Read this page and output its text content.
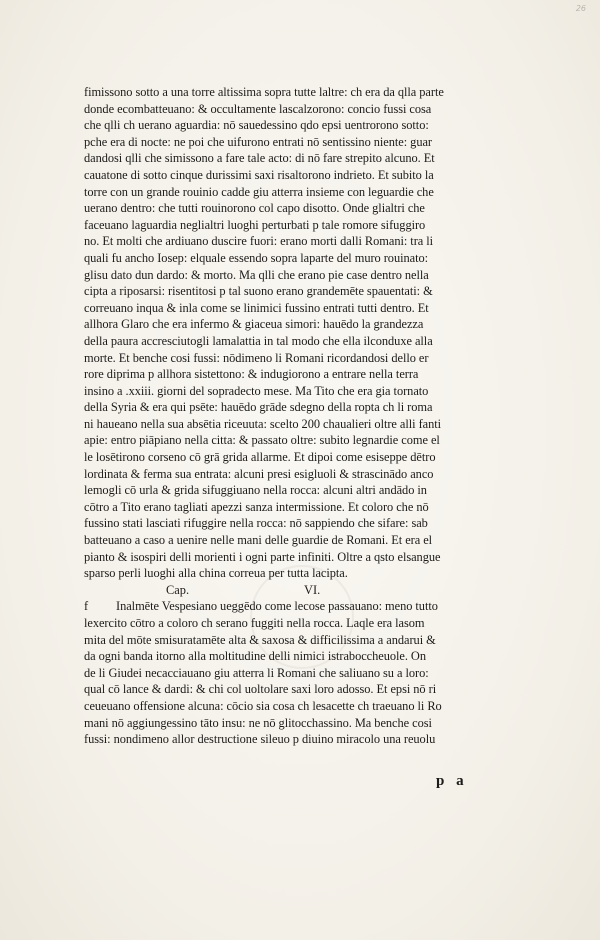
26
fimissono sotto a una torre altissima sopra tutte laltre: ch era da qlla parte
donde ecombatteuano: & occultamente lascalzorono: concio fussi cosa
che qlli ch uerano aguardia: nō sauedessino qdo epsi uentrorono sotto:
pche era di nocte: ne poi che uifurono entrati nō sentissino niente: guar
dandosi qlli che simissono a fare tale acto: di nō fare strepito alcuno. Et
cauatone di sotto cinque durissimi saxi risaltorono indrieto. Et subito la
torre con un grande rouinio cadde giu atterra insieme con leguardie che
uerano dentro: che tutti rouinorono col capo disotto. Onde glialtri che
faceuano laguardia neglialtri luoghi perturbati p tale romore sifuggiro
no. Et molti che ardiuano duscire fuori: erano morti dalli Romani: tra li
quali fu ancho Iosep: elquale essendo sopra laparte del muro rouinato:
glisu dato dun dardo: & morto. Ma qlli che erano pie case dentro nella
cipta a riposarsi: risentitosi p tal suono erano grandemēte spauentati: &
correuano inqua & inla come se linimici fussino entrati tutti dentro. Et
allhora Glaro che era infermo & giaceua simori: hauēdo la grandezza
della paura accresciutogli lamalattia in tal modo che ella ilconduxe alla
morte. Et benche cosi fussi: nōdimeno li Romani ricordandosi dello er
rore diprima p allhora sistettono: & indugiorono a entrare nella terra
insino a .xxiii. giorni del sopradecto mese. Ma Tito che era gia tornato
della Syria & era qui psēte: hauēdo grāde sdegno della ropta ch li roma
ni haueano nella sua absētia riceuuta: scelto 200 chaualieri oltre alli fanti
apie: entro piāpiano nella citta: & passato oltre: subito legnardie come el
le losētirono corseno cō grā grida allarme. Et dipoi come esiseppe dētro
lordinata & ferma sua entrata: alcuni presi esigluoli & strascinādo anco
lemogli cō urla & grida sifuggiuano nella rocca: alcuni altri andādo in
cōtro a Tito erano tagliati apezzi sanza intermissione. Et coloro che nō
fussino stati lasciati rifuggire nella rocca: nō sappiendo che sifare: sab
batteuano a caso a uenire nelle mani delle guardie de Romani. Et era el
pianto & isospiri delli morienti i ogni parte infiniti. Oltre a qsto elsangue
sparso perli luoghi alla china correua per tutta lacipta.
Cap.	VI.
f Inalmēte Vespesiano ueggēdo come lecose passauano: meno tutto
lexercito cōtro a coloro ch serano fuggiti nella rocca. Laqle era lasom
mita del mōte smisuratamēte alta & saxosa & difficilissima a andarui &
da ogni banda itorno alla moltitudine delli nimici istraboccheuole. On
de li Giudei necacciauano giu atterra li Romani che saliuano su a loro:
qual cō lance & dardi: & chi col uoltolare saxi loro adosso. Et epsi nō ri
ceueuano offensione alcuna: cōcio sia cosa ch lesacette ch traeuano li Ro
mani nō aggiungessino tāto insu: ne nō glitocchassino. Ma benche cosi
fussi: nondimeno allor destructione sileuo p diuino miracolo una reuolu
p a
